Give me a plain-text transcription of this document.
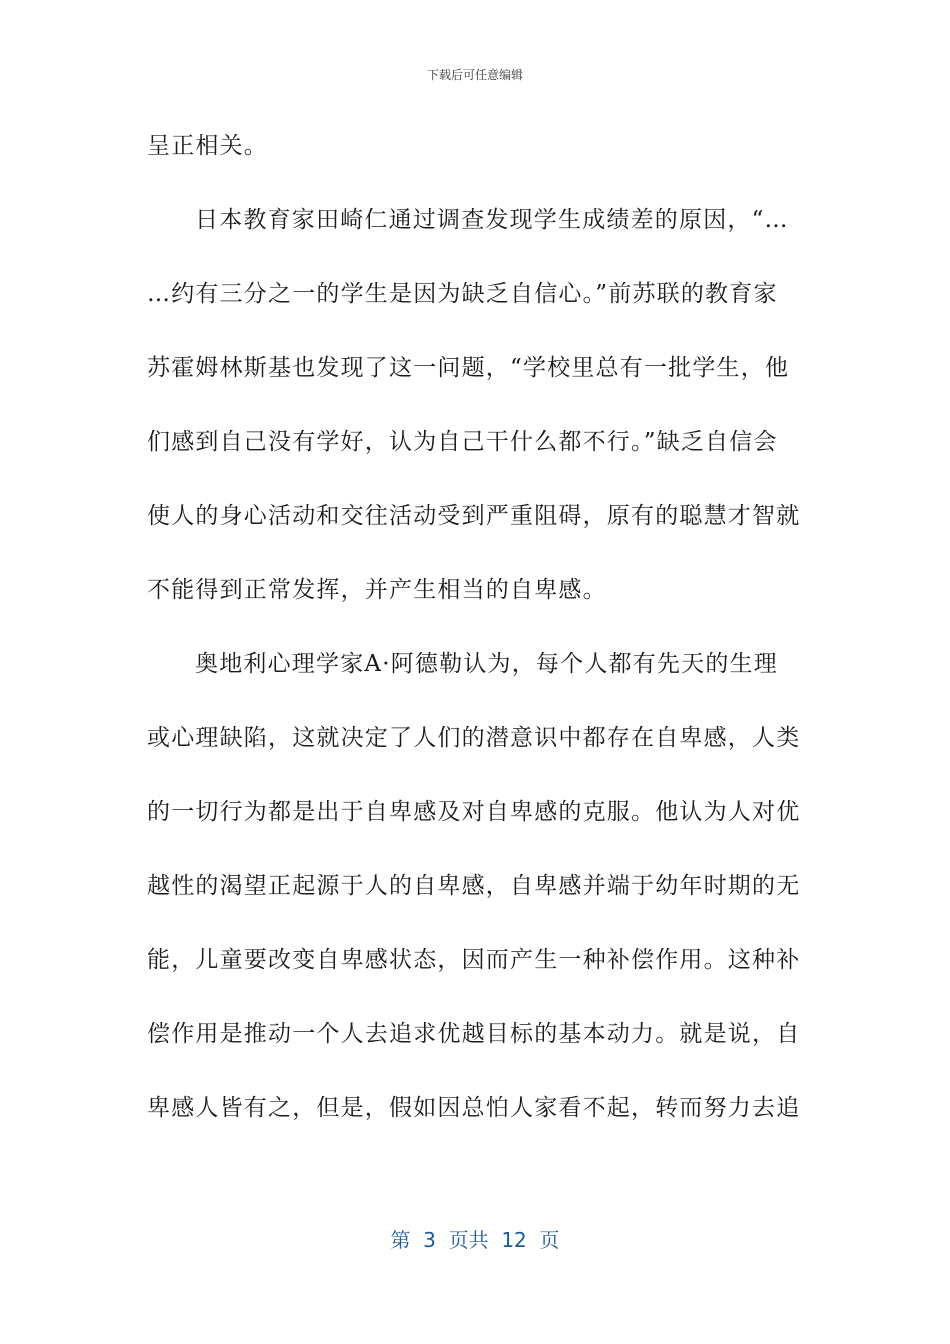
下载后可任意编辑
呈正相关。
日本教育家田崎仁通过调查发现学生成绩差的原因，“…
…约有三分之一的学生是因为缺乏自信心。”前苏联的教育家
苏霍姆林斯基也发现了这一问题，“学校里总有一批学生，他
们感到自己没有学好，认为自己干什么都不行。”缺乏自信会
使人的身心活动和交往活动受到严重阻碍，原有的聪慧才智就
不能得到正常发挥，并产生相当的自卑感。
奥地利心理学家A·阿德勒认为，每个人都有先天的生理
或心理缺陷，这就决定了人们的潜意识中都存在自卑感，人类
的一切行为都是出于自卑感及对自卑感的克服。他认为人对优
越性的渴望正起源于人的自卑感，自卑感并端于幼年时期的无
能，儿童要改变自卑感状态，因而产生一种补偿作用。这种补
偿作用是推动一个人去追求优越目标的基本动力。就是说，自
卑感人皆有之，但是，假如因总怕人家看不起，转而努力去追
第  3  页共  12  页
